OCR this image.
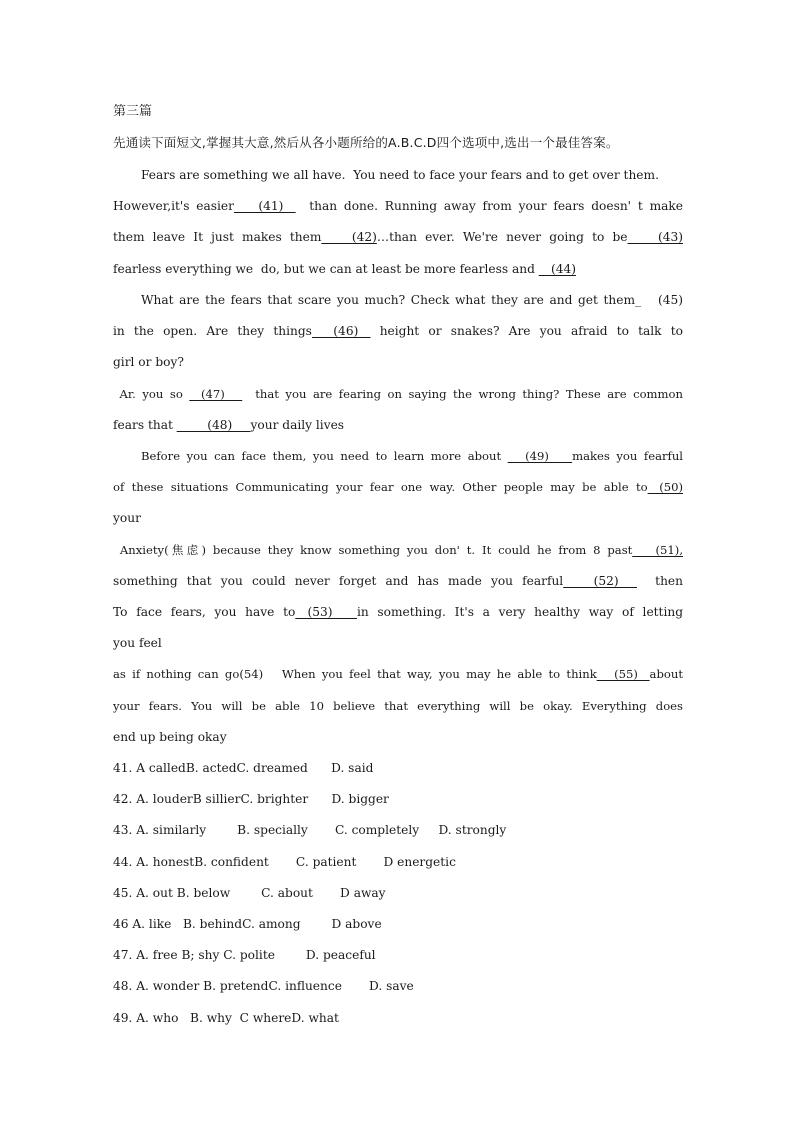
第三篇
先通读下面短文,掌握其大意,然后从各小题所给的A.B.C.D四个选项中,选出一个最佳答案。
Fears are something we all have.  You need to face your fears and to get over them.
However,it's easier____(41)__  than done. Running away from your fears doesn' t make
them leave It just makes them_____(42)…than ever. We're never going to be_____(43)
fearless everything we  do, but we can at least be more fearless and __(44)
What are the fears that scare you much? Check what they are and get them_   (45)
in the open. Are they things__ (46)__ height or snakes? Are you afraid to talk to
girl or boy?
Ar. you so __(47)___  that you are fearing on saying the wrong thing? These are common
fears that _____(48)___your daily lives
Before you can face them, you need to learn more about ___(49)____makes you fearful
of these situations Communicating your fear one way. Other people may be able to__(50)
your
Anxiety(焦虑) because they know something you don' t. It could he from 8 past____(51),
something that you could never forget and has made you fearful_____(52)___  then
To face fears, you have to__(53)____in something. It's a very healthy way of letting
you feel
as if nothing can go(54)   When you feel that way, you may he able to think___(55)__about
your fears. You will be able 10 believe that everything will be okay. Everything does
end up being okay
41. A calledB. actedC. dreamed      D. said
42. A. louderB sillierC. brighter      D. bigger
43. A. similarly        B. specially       C. completely     D. strongly
44. A. honestB. confident       C. patient       D energetic
45. A. out B. below        C. about       D away
46 A. like   B. behindC. among        D above
47. A. free B; shy C. polite        D. peaceful
48. A. wonder B. pretendC. influence       D. save
49. A. who   B. why  C whereD. what
